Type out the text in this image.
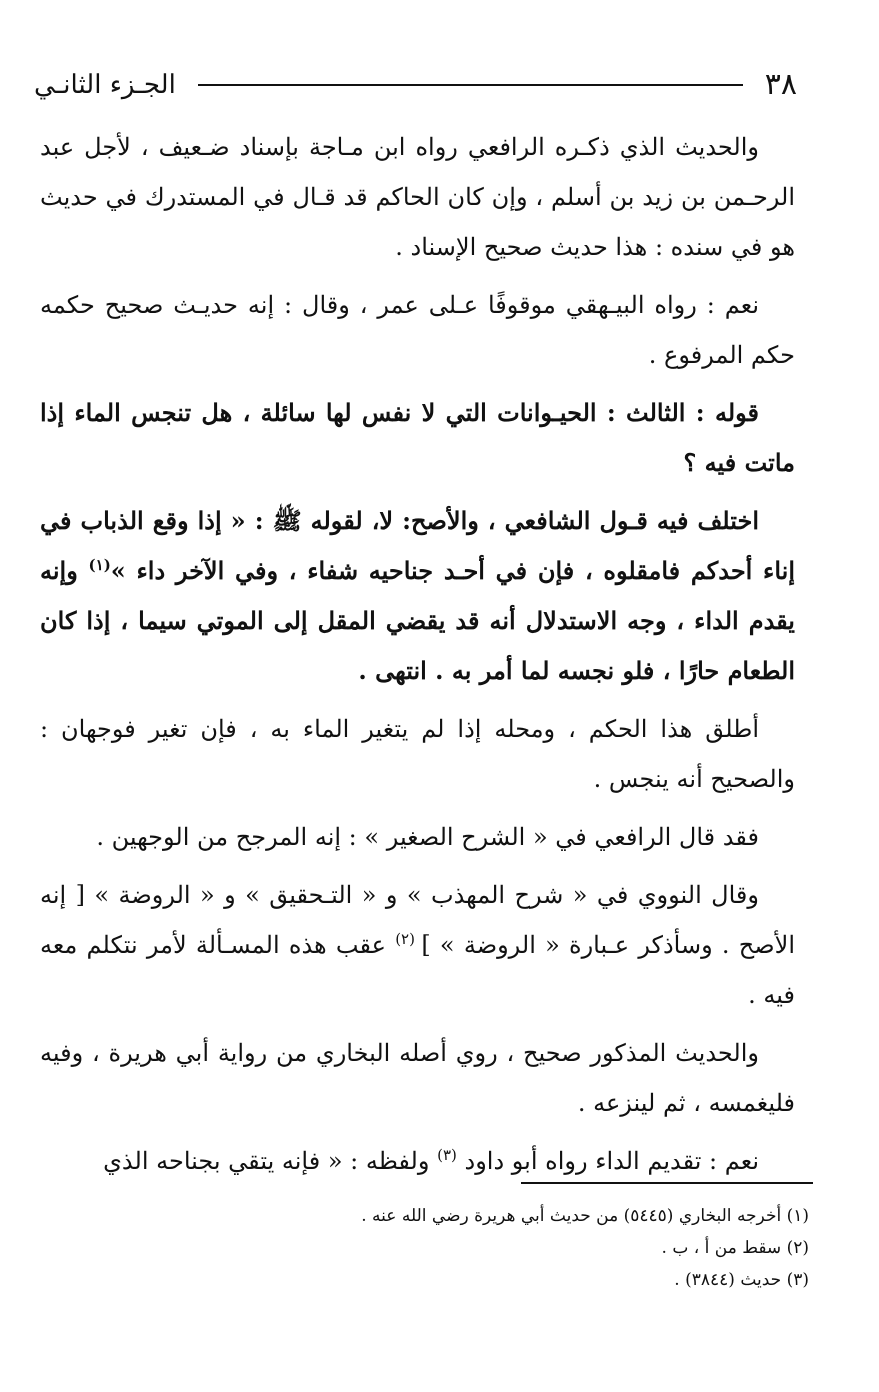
٣٨
الجـزء الثانـي

والحديث الذي ذكـره الرافعي رواه ابن مـاجة بإسناد ضـعيف ، لأجل عبد الرحـمن بن زيد بن أسلم ، وإن كان الحاكم قد قـال في المستدرك في حديث هو في سنده : هذا حديث صحيح الإسناد .

نعم : رواه البيـهقي موقوفًا عـلى عمر ، وقال : إنه حديـث صحيح حكمه حكم المرفوع .

قوله : الثالث : الحيـوانات التي لا نفس لها سائلة ، هل تنجس الماء إذا ماتت فيه ؟

اختلف فيه قـول الشافعي ، والأصح: لا، لقوله ﷺ : « إذا وقع الذباب في إناء أحدكم فامقلوه ، فإن في أحـد جناحيه شفاء ، وفي الآخر داء »$^{(١)}$ وإنه يقدم الداء ، وجه الاستدلال أنه قد يقضي المقل إلى الموتي سيما ، إذا كان الطعام حارًا ، فلو نجسه لما أمر به . انتهى .

أطلق هذا الحكم ، ومحله إذا لم يتغير الماء به ، فإن تغير فوجهان : والصحيح أنه ينجس .

فقد قال الرافعي في « الشرح الصغير » : إنه المرجح من الوجهين .

وقال النووي في « شرح المهذب » و « التـحقيق » و « الروضة » [ إنه الأصح . وسأذكر عـبارة « الروضة » ] $^{(٢)}$ عقب هذه المسـألة لأمر نتكلم معه فيه .

والحديث المذكور صحيح ، روي أصله البخاري من رواية أبي هريرة ، وفيه فليغمسه ، ثم لينزعه .

نعم : تقديم الداء رواه أبو داود $^{(٣)}$ ولفظه : « فإنه يتقي بجناحه الذي

(١) أخرجه البخاري (٥٤٤٥) من حديث أبي هريرة رضي الله عنه .

(٢) سقط من أ ، ب .

(٣) حديث (٣٨٤٤) .
